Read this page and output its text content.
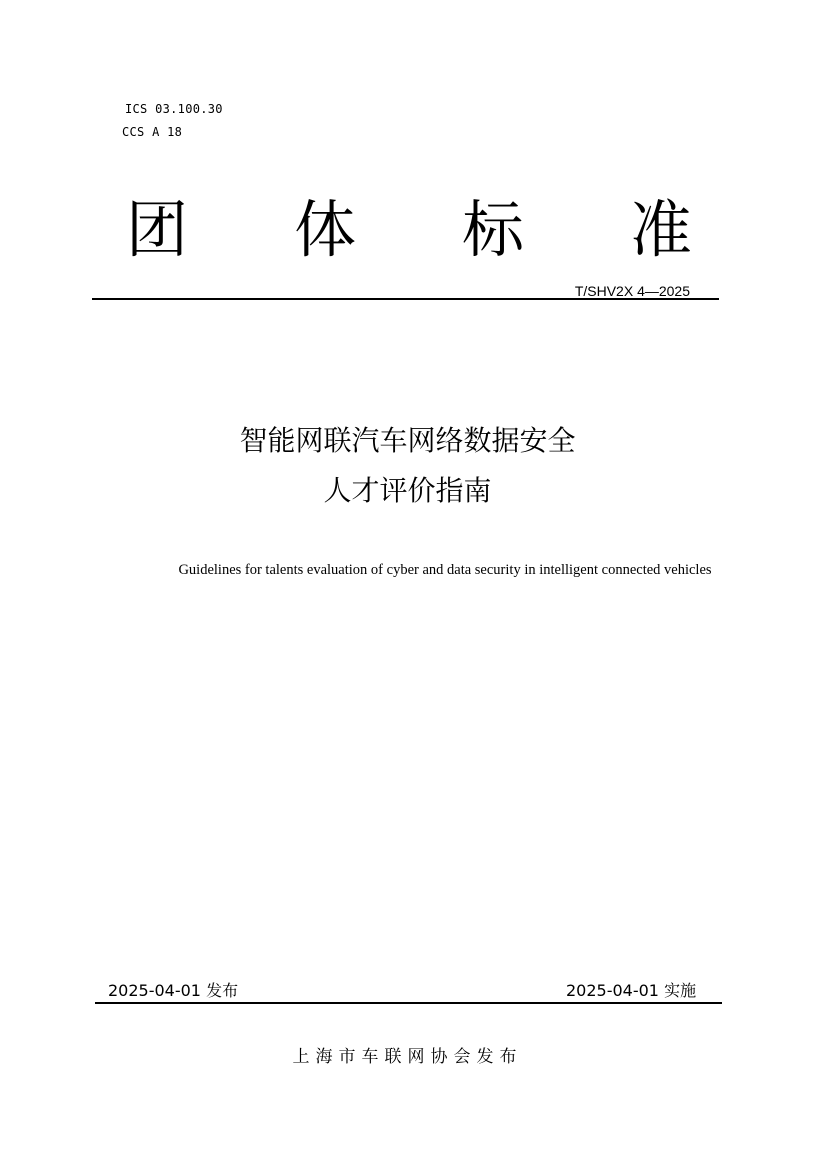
ICS 03.100.30
CCS A 18
团 体 标 准
T/SHV2X 4—2025
智能网联汽车网络数据安全
人才评价指南
Guidelines for talents evaluation of cyber and data security in intelligent connected vehicles
2025-04-01 发布	2025-04-01 实施
上海市车联网协会发布
